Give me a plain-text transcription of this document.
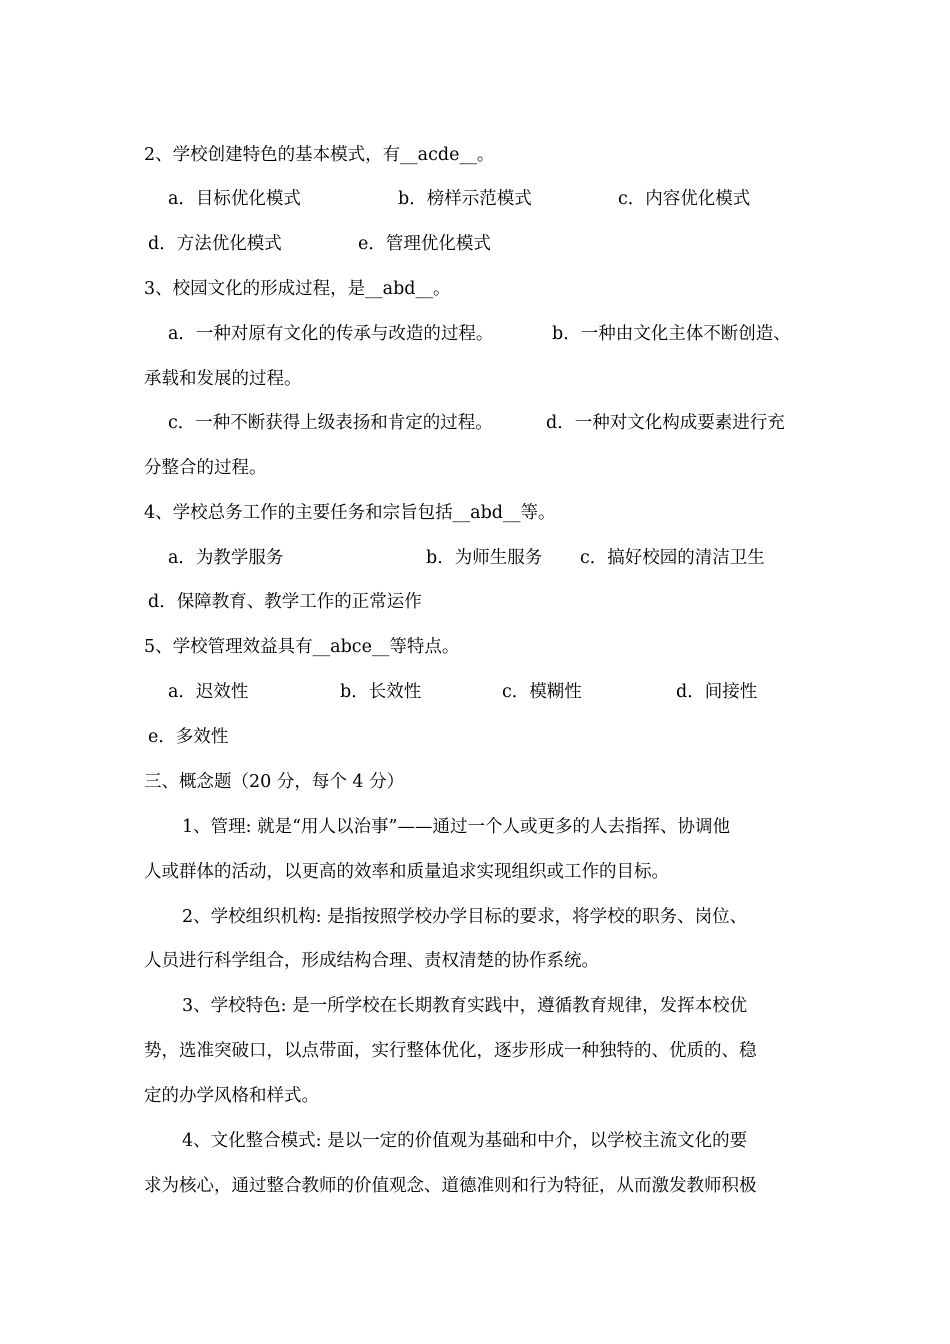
2、学校创建特色的基本模式，有__acde__。
a．目标优化模式	b．榜样示范模式	c．内容优化模式
d．方法优化模式	e．管理优化模式
3、校园文化的形成过程，是__abd__。
a．一种对原有文化的传承与改造的过程。	b．一种由文化主体不断创造、
承载和发展的过程。
c．一种不断获得上级表扬和肯定的过程。	d．一种对文化构成要素进行充
分整合的过程。
4、学校总务工作的主要任务和宗旨包括__abd__等。
a．为教学服务	b．为师生服务 c．搞好校园的清洁卫生
d．保障教育、教学工作的正常运作
5、学校管理效益具有__abce__等特点。
a．迟效性	b．长效性	c．模糊性	d．间接性
e．多效性
三、概念题（20 分，每个 4 分）
1、管理: 就是“用人以治事”——通过一个人或更多的人去指挥、协调他
人或群体的活动，以更高的效率和质量追求实现组织或工作的目标。
2、学校组织机构: 是指按照学校办学目标的要求，将学校的职务、岗位、
人员进行科学组合，形成结构合理、责权清楚的协作系统。
3、学校特色: 是一所学校在长期教育实践中，遵循教育规律，发挥本校优
势，选准突破口，以点带面，实行整体优化，逐步形成一种独特的、优质的、稳
定的办学风格和样式。
4、文化整合模式: 是以一定的价值观为基础和中介，以学校主流文化的要
求为核心，通过整合教师的价值观念、道德准则和行为特征，从而激发教师积极
